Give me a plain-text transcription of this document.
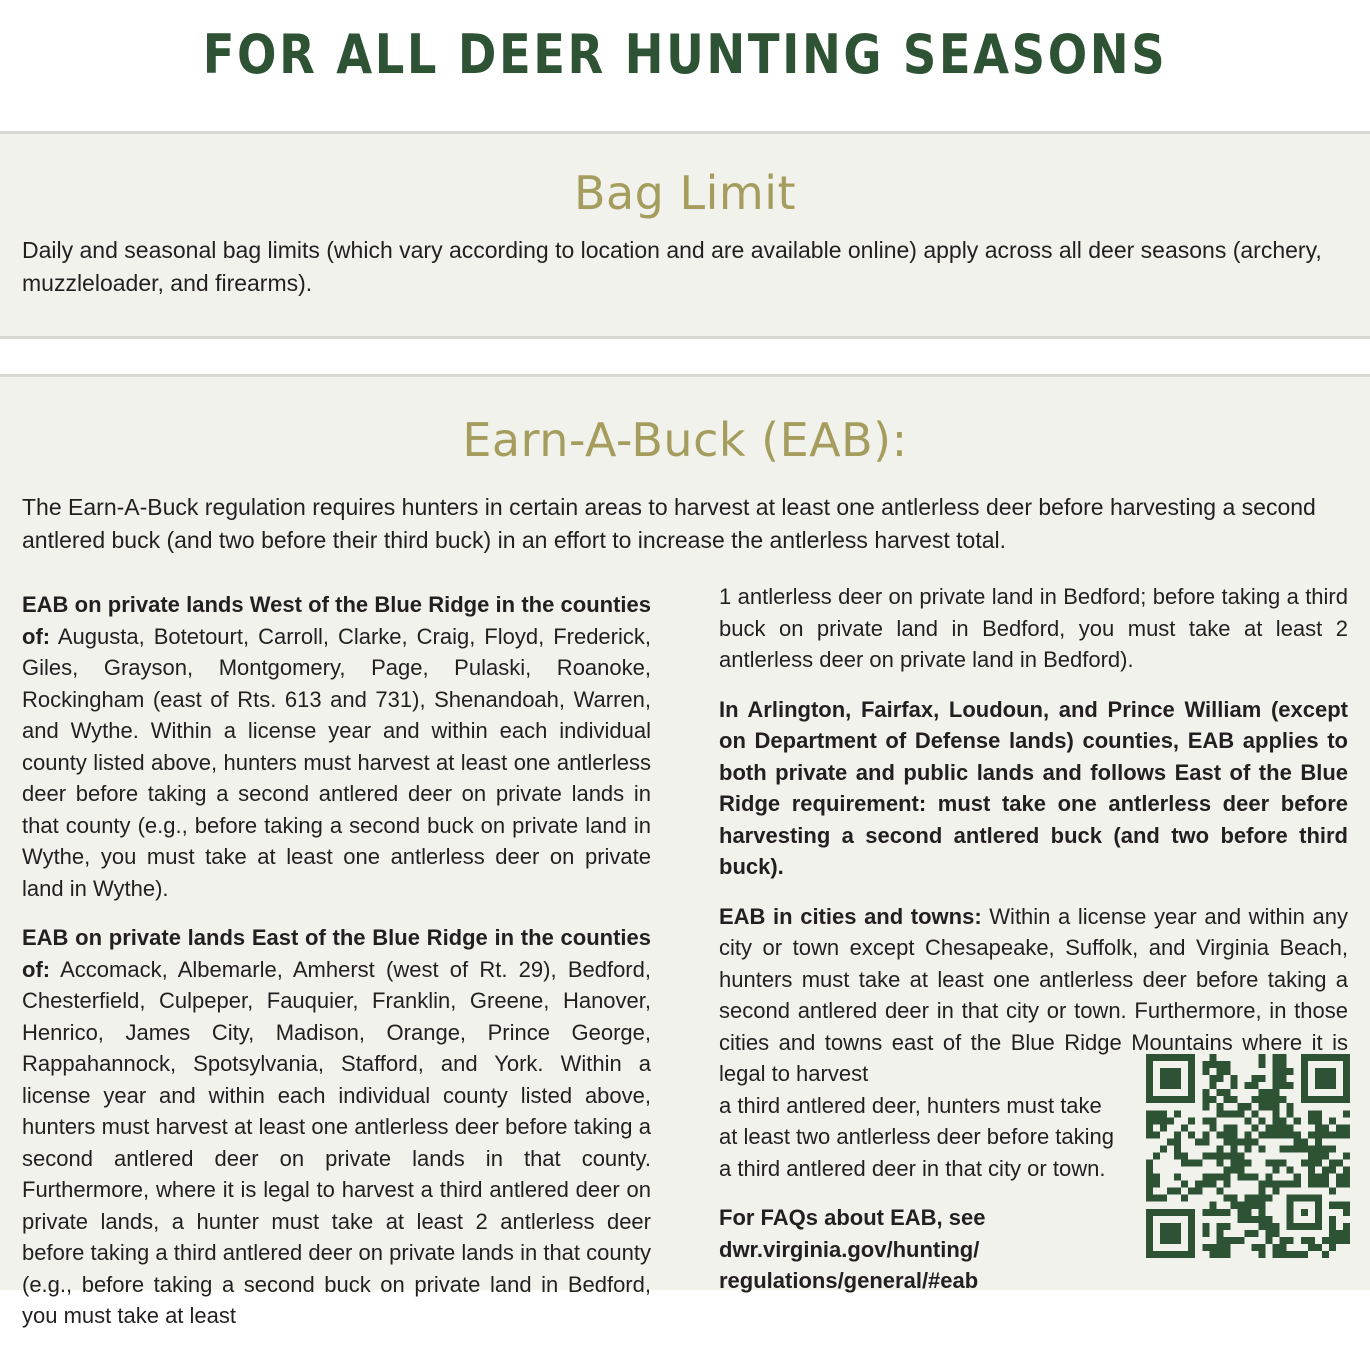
FOR ALL DEER HUNTING SEASONS
Bag Limit
Daily and seasonal bag limits (which vary according to location and are available online) apply across all deer seasons (archery, muzzleloader, and firearms).
Earn-A-Buck (EAB):
The Earn-A-Buck regulation requires hunters in certain areas to harvest at least one antlerless deer before harvesting a second antlered buck (and two before their third buck) in an effort to increase the antlerless harvest total.

EAB on private lands West of the Blue Ridge in the counties of: Augusta, Botetourt, Carroll, Clarke, Craig, Floyd, Frederick, Giles, Grayson, Montgomery, Page, Pulaski, Roanoke, Rockingham (east of Rts. 613 and 731), Shenandoah, Warren, and Wythe. Within a license year and within each individual county listed above, hunters must harvest at least one antlerless deer before taking a second antlered deer on private lands in that county (e.g., before taking a second buck on private land in Wythe, you must take at least one antlerless deer on private land in Wythe).

EAB on private lands East of the Blue Ridge in the counties of: Accomack, Albemarle, Amherst (west of Rt. 29), Bedford, Chesterfield, Culpeper, Fauquier, Franklin, Greene, Hanover, Henrico, James City, Madison, Orange, Prince George, Rappahannock, Spotsylvania, Stafford, and York. Within a license year and within each individual county listed above, hunters must harvest at least one antlerless deer before taking a second antlered deer on private lands in that county. Furthermore, where it is legal to harvest a third antlered deer on private lands, a hunter must take at least 2 antlerless deer before taking a third antlered deer on private lands in that county (e.g., before taking a second buck on private land in Bedford, you must take at least

1 antlerless deer on private land in Bedford; before taking a third buck on private land in Bedford, you must take at least 2 antlerless deer on private land in Bedford).

In Arlington, Fairfax, Loudoun, and Prince William (except on Department of Defense lands) counties, EAB applies to both private and public lands and follows East of the Blue Ridge requirement: must take one antlerless deer before harvesting a second antlered buck (and two before third buck).

EAB in cities and towns: Within a license year and within any city or town except Chesapeake, Suffolk, and Virginia Beach, hunters must take at least one antlerless deer before taking a second antlered deer in that city or town. Furthermore, in those cities and towns east of the Blue Ridge Mountains where it is legal to harvest

a third antlered deer, hunters must take at least two antlerless deer before taking a third antlered deer in that city or town.

For FAQs about EAB, see
dwr.virginia.gov/hunting/
regulations/general/#eab
